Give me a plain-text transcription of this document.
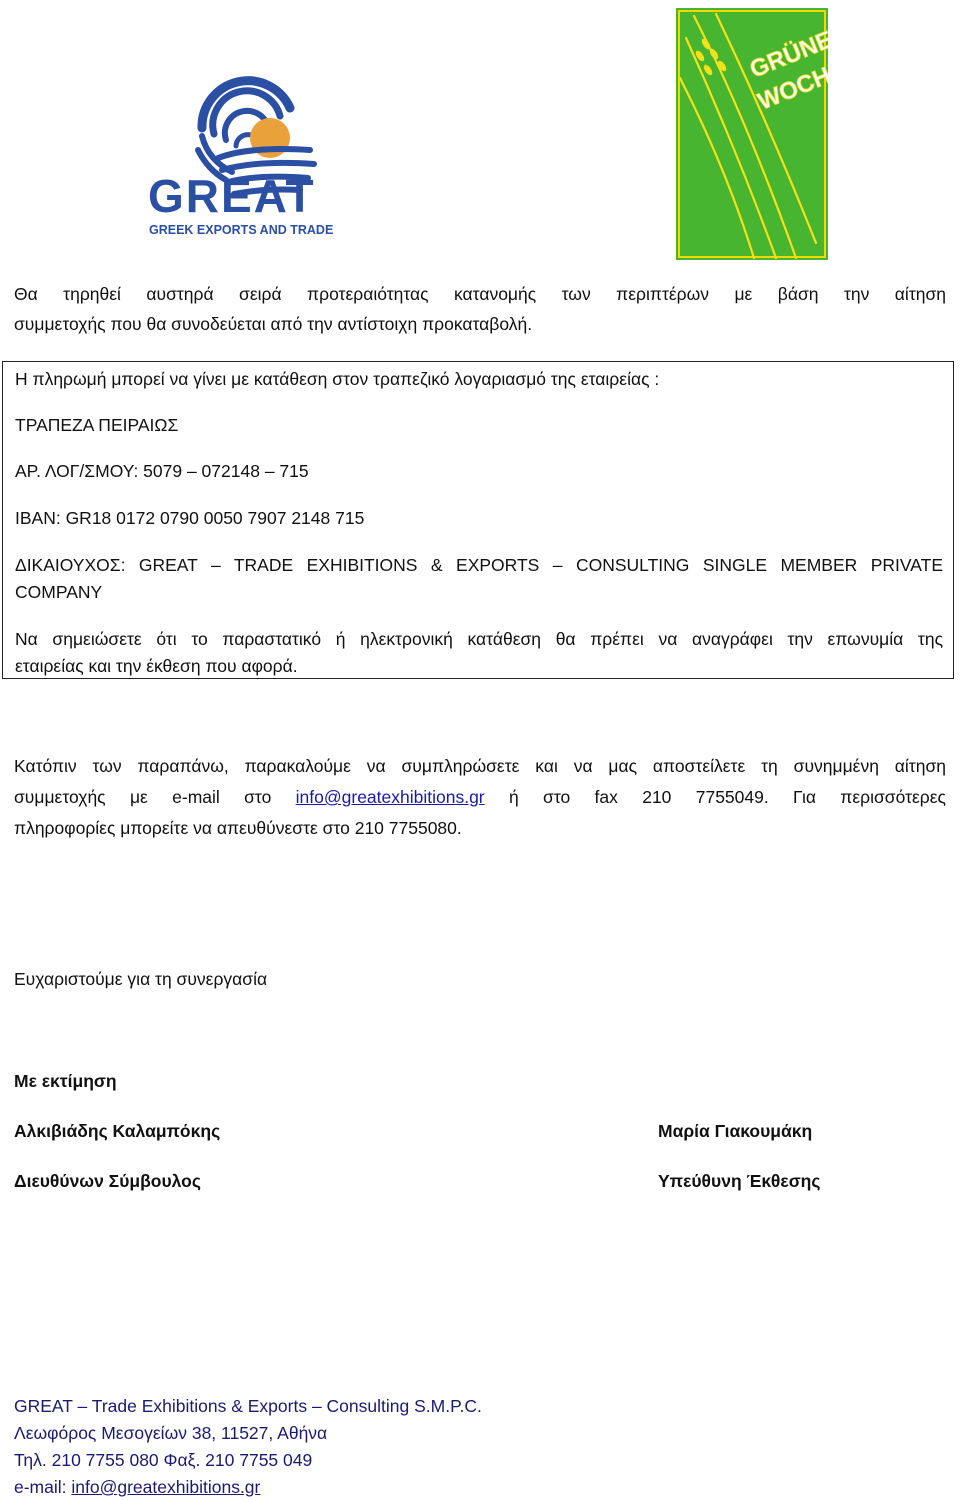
GREAT
GREEK EXPORTS AND TRADE
GRÜNE
WOCHE
Θα τηρηθεί αυστηρά σειρά προτεραιότητας κατανομής των περιπτέρων με βάση την αίτηση
συμμετοχής που θα συνοδεύεται από την αντίστοιχη προκαταβολή.
Η πληρωμή μπορεί να γίνει με κατάθεση στον τραπεζικό λογαριασμό της εταιρείας :
ΤΡΑΠΕΖΑ ΠΕΙΡΑΙΩΣ
ΑΡ. ΛΟΓ/ΣΜΟΥ: 5079 – 072148 – 715
IBAN: GR18 0172 0790 0050 7907 2148 715
ΔΙΚΑΙΟΥΧΟΣ: GREAT – TRADE EXHIBITIONS & EXPORTS – CONSULTING SINGLE MEMBER PRIVATE
COMPANY
Να σημειώσετε ότι το παραστατικό ή ηλεκτρονική κατάθεση θα πρέπει να αναγράφει την επωνυμία της
εταιρείας και την έκθεση που αφορά.
Κατόπιν των παραπάνω, παρακαλούμε να συμπληρώσετε και να μας αποστείλετε τη συνημμένη αίτηση
συμμετοχής με e-mail στο info@greatexhibitions.gr ή στο fax 210 7755049. Για περισσότερες
πληροφορίες μπορείτε να απευθύνεστε στο 210 7755080.
Ευχαριστούμε για τη συνεργασία
Με εκτίμηση
Αλκιβιάδης Καλαμπόκης
Διευθύνων Σύμβουλος
Μαρία Γιακουμάκη
Υπεύθυνη Έκθεσης
GREAT – Trade Exhibitions & Exports – Consulting S.M.P.C.
Λεωφόρος Μεσογείων 38, 11527, Αθήνα
Τηλ. 210 7755 080 Φαξ. 210 7755 049
e-mail: info@greatexhibitions.gr
